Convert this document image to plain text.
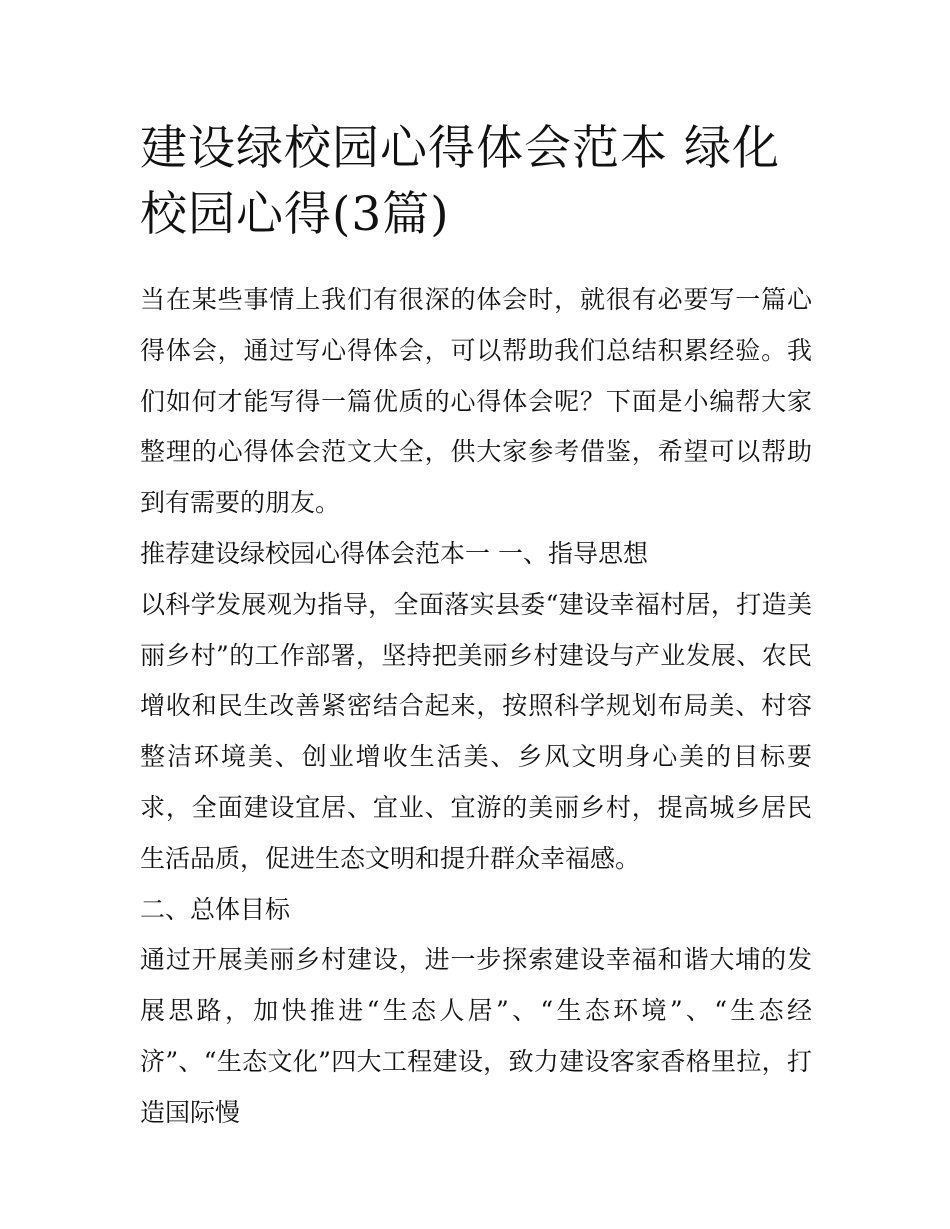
建设绿校园心得体会范本 绿化校园心得(3篇)

当在某些事情上我们有很深的体会时，就很有必要写一篇心得体会，通过写心得体会，可以帮助我们总结积累经验。我们如何才能写得一篇优质的心得体会呢？下面是小编帮大家整理的心得体会范文大全，供大家参考借鉴，希望可以帮助到有需要的朋友。

推荐建设绿校园心得体会范本一 一、指导思想

以科学发展观为指导，全面落实县委“建设幸福村居，打造美丽乡村”的工作部署，坚持把美丽乡村建设与产业发展、农民增收和民生改善紧密结合起来，按照科学规划布局美、村容整洁环境美、创业增收生活美、乡风文明身心美的目标要求，全面建设宜居、宜业、宜游的美丽乡村，提高城乡居民生活品质，促进生态文明和提升群众幸福感。

二、总体目标

通过开展美丽乡村建设，进一步探索建设幸福和谐大埔的发展思路，加快推进“生态人居”、“生态环境”、“生态经济”、“生态文化”四大工程建设，致力建设客家香格里拉，打造国际慢
